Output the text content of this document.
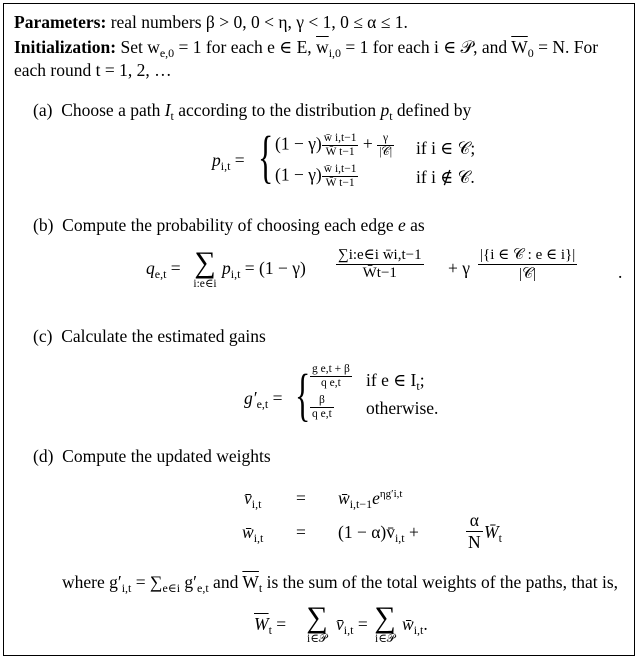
Parameters: real numbers β > 0, 0 < η, γ < 1, 0 ≤ α ≤ 1.
Initialization: Set $w_{e,0} = 1$ for each e ∈ E, $\overline{w}_{i,0} = 1$ for each i ∈ 𝒫, and $\overline{W}_0 = N$. For
each round t = 1, 2, …
(a) Choose a path $I_t$ according to the distribution $p_t$ defined by
$p_{i,t}$ = { $(1 - \gamma) \frac{w̄ i,t-1}{W̄ t-1} + \frac{\gamma}{\text{|𝒞|}}$ if i ∈ 𝒞;
$(1 - \gamma) \frac{w̄ i,t-1}{W̄ t-1}$	if i ∉ 𝒞.
(b) Compute the probability of choosing each edge e as
$q_{e,t}$ = ∑
i:e∈i
$p_{i,t} = (1 - \gamma) \frac{\text{∑i:e∈i w̄i,t−1}}{W̄t-1} + \gamma \frac{\text{|\{i ∈ 𝒞 : e ∈ i\}|}}{\text{|𝒞|}}$ .
(c) Calculate the estimated gains
$g'_{e,t}$ = { $\frac{\text{g e,t + β}}{\text{q e,t}}$ if e ∈ $I_t$;
$\frac{\beta}{\text{q e,t}}$ otherwise.
(d) Compute the updated weights
$v̄_{i,t}$ = $w̄_{i,t-1}e^{\eta g'i,t}$
$w̄_{i,t} = (1$ − $\alpha)v̄_{i,t}$ +	$\frac{\alpha}{N}$ $W̄_t$
where $g'_{i,t} = \sum_{e\in i}$ $g'_{e,t}$ and $\overline{W}_t$ is the sum of the total weights of the paths, that is,
$\overline{W}_t$ = ∑
i∈𝒫
$v̄_{i,t}$ = ∑
i∈𝒫
$w̄_{i,t}$.
